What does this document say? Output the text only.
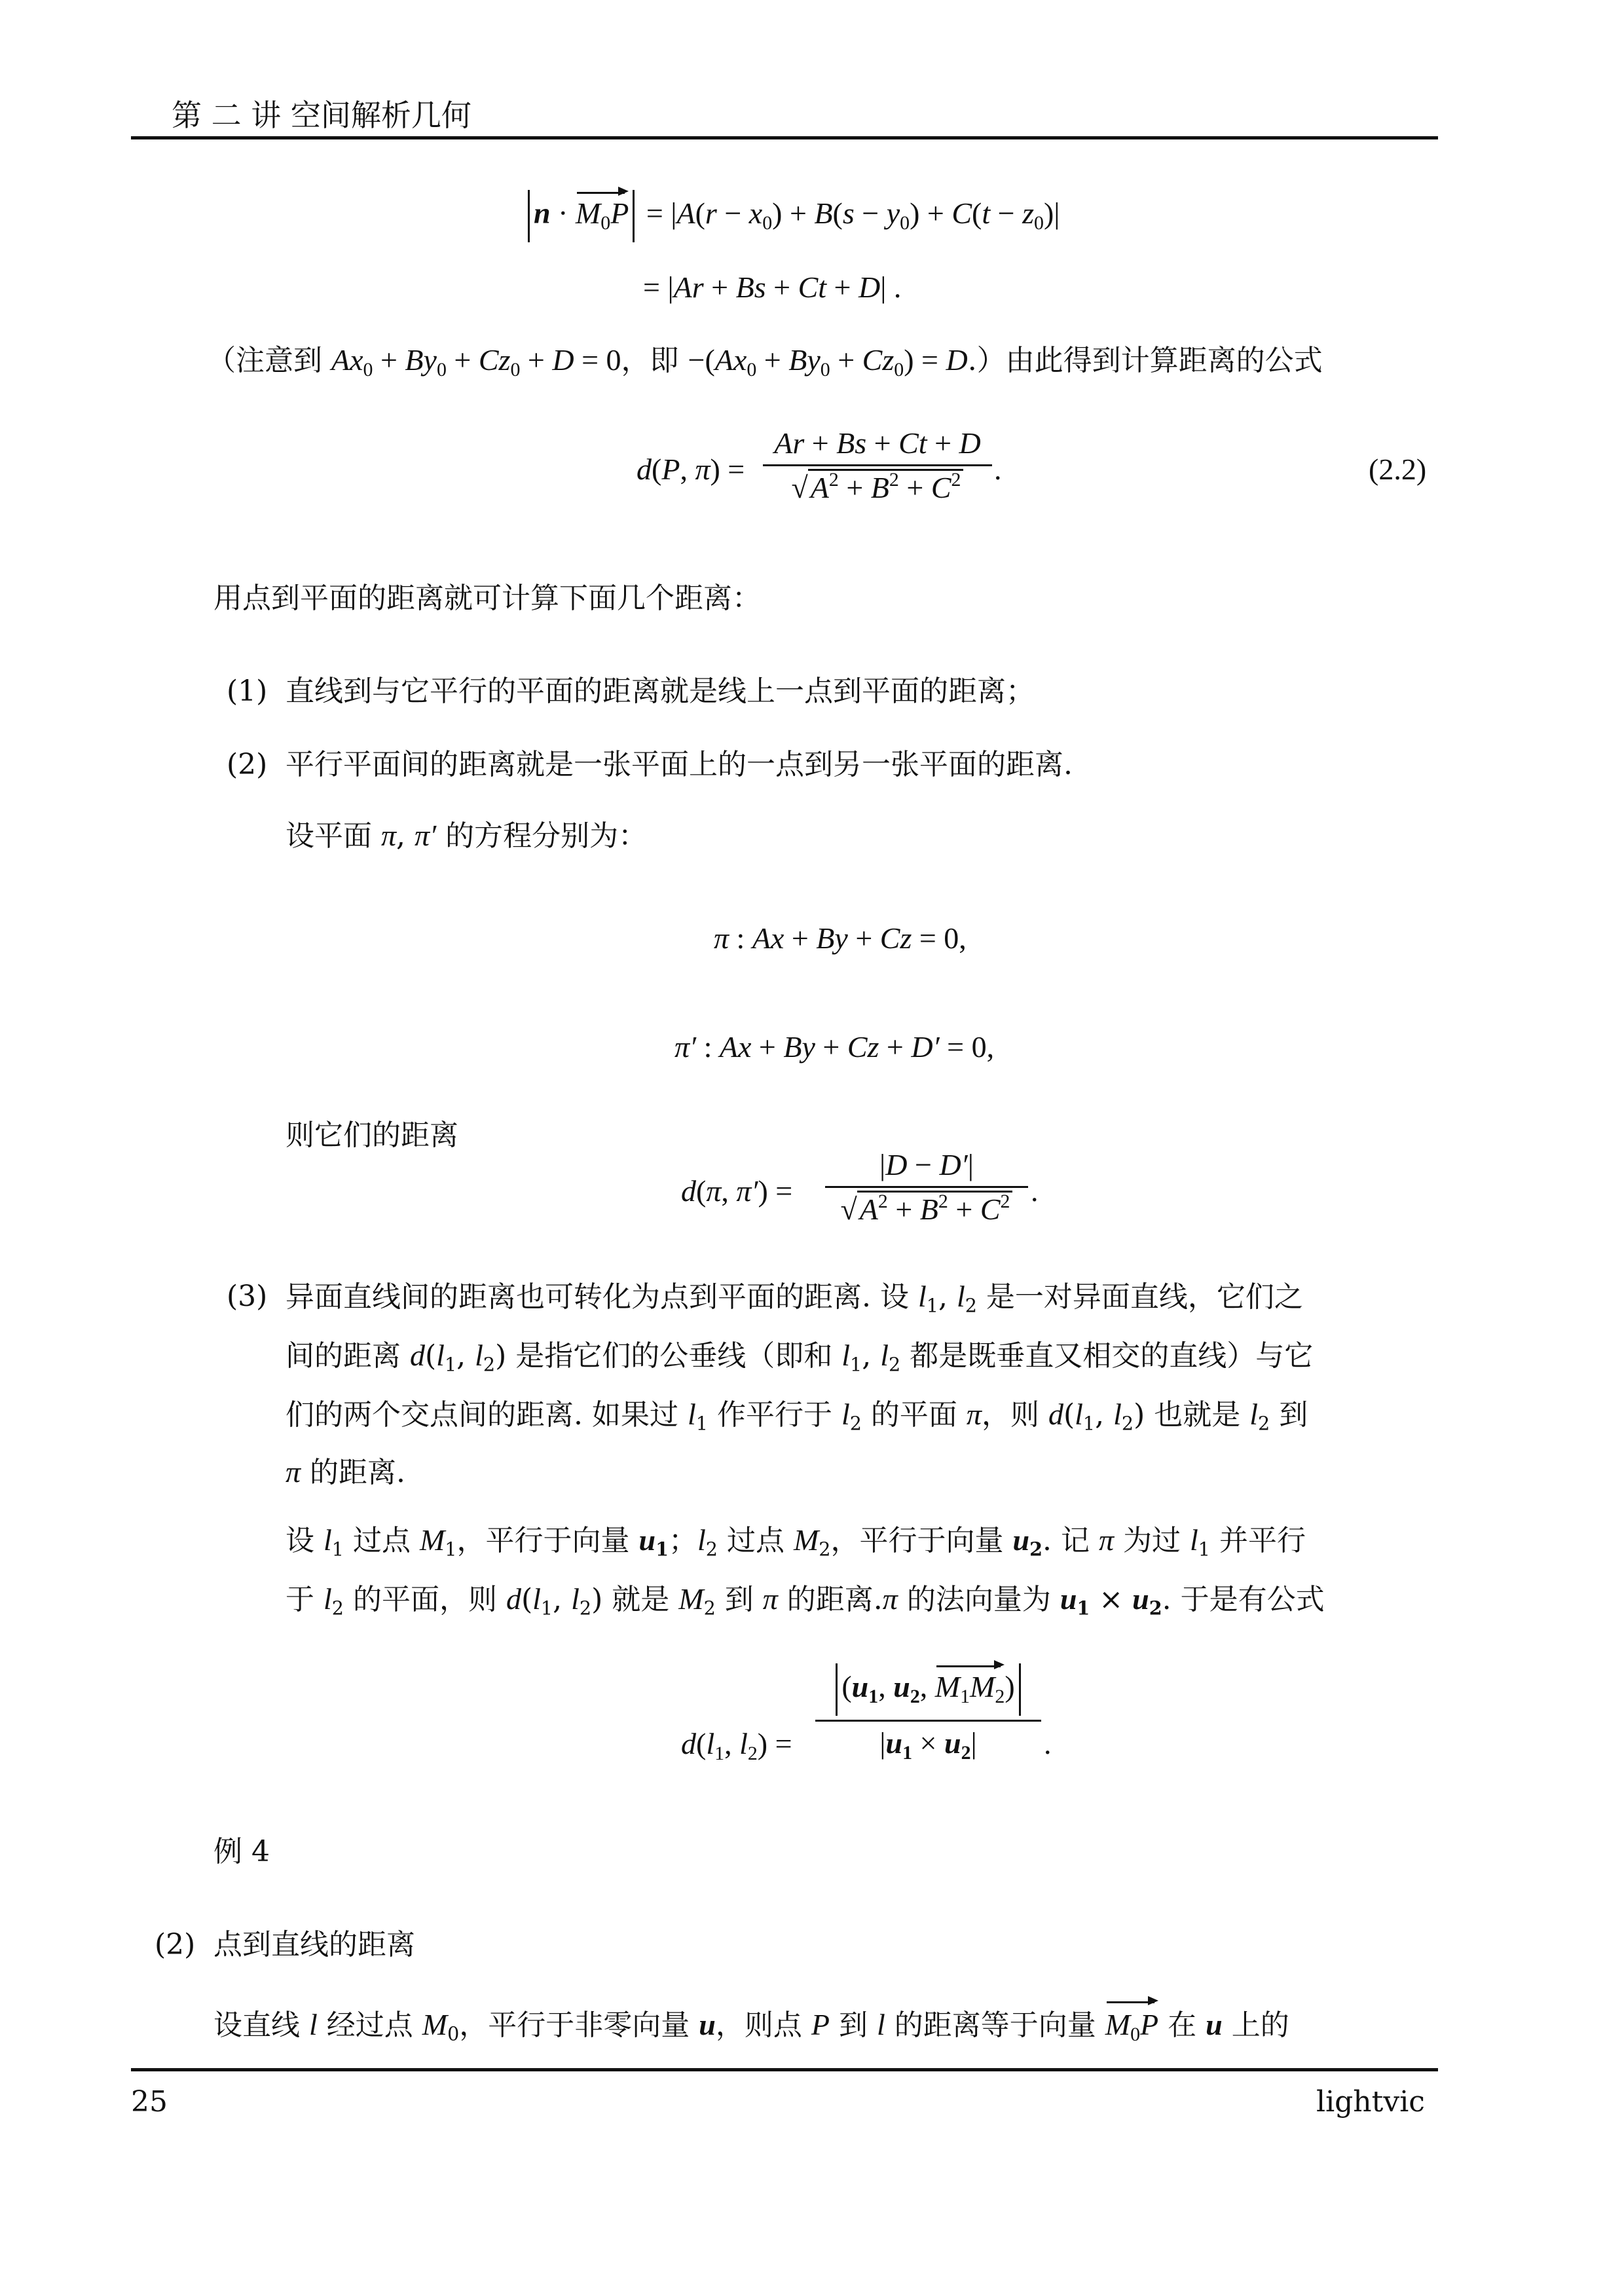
第 二 讲 空间解析几何
$n \cdot M_0P = |A(r - x_0) + B(s - y_0) + C(t - z_0)|$
= |Ar + Bs + Ct + D| .
（注意到 $Ax_0 + By_0 + Cz_0 + D = 0$，即 $-(Ax_0 + By_0 + Cz_0) = D$.）由此得到计算距离的公式
d(P, π) =
Ar + Bs + Ct + D
$√A^2 + B^2 + C^2$	.	(2.2)
用点到平面的距离就可计算下面几个距离：
(1) 直线到与它平行的平面的距离就是线上一点到平面的距离；
(2) 平行平面间的距离就是一张平面上的一点到另一张平面的距离.
设平面 π, π′ 的方程分别为：
π : Ax + By + Cz = 0,
π′ : Ax + By + Cz + D′ = 0,
则它们的距离
d(π, π′) =
|D − D′|
$√A^2 + B^2 + C^2$ .
(3) 异面直线间的距离也可转化为点到平面的距离. 设 $l_1$, $l_2$ 是一对异面直线，它们之
间的距离 $d(l_1$, $l_2$) 是指它们的公垂线（即和 $l_1$, $l_2$ 都是既垂直又相交的直线）与它
们的两个交点间的距离. 如果过 $l_1$ 作平行于 $l_2$ 的平面 π，则 $d(l_1$, $l_2$) 也就是 $l_2$ 到
π 的距离.
设 $l_1$ 过点 $M_1$，平行于向量 $u_1$；$l_2$ 过点 $M_2$，平行于向量 $u_2$. 记 π 为过 $l_1$ 并平行
于 $l_2$ 的平面，则 $d(l_1$, $l_2$) 就是 $M_2$ 到 π 的距离.π 的法向量为 $u_1 \times u_2$. 于是有公式
$d(l_1$, $l_2$) =
($u_1$, $u_2$, $M_1M_2$)
$|u_1 \times u_2|$	.
例 4
(2) 点到直线的距离
设直线 l 经过点 $M_0$，平行于非零向量 u，则点 P 到 l 的距离等于向量 $M_0P$ 在 u 上的
25	lightvic
